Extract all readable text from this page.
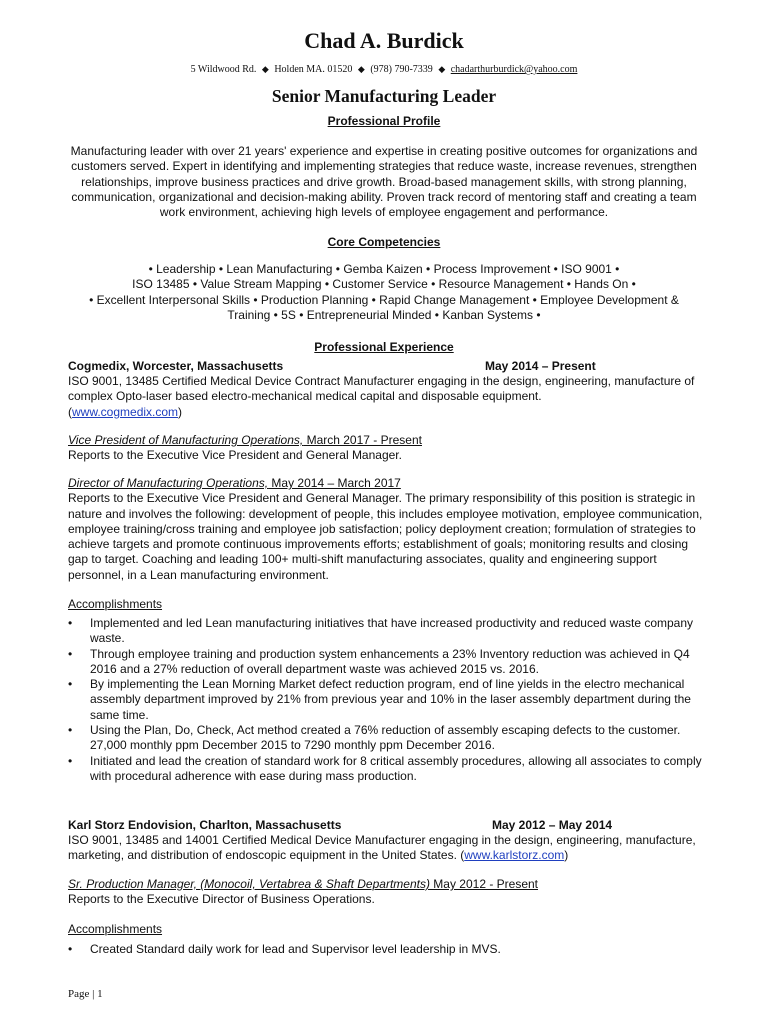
Chad A. Burdick
5 Wildwood Rd. ◆ Holden MA. 01520 ◆ (978) 790-7339 ◆ chadarthurburdick@yahoo.com
Senior Manufacturing Leader
Professional Profile
Manufacturing leader with over 21 years' experience and expertise in creating positive outcomes for organizations and customers served. Expert in identifying and implementing strategies that reduce waste, increase revenues, strengthen relationships, improve business practices and drive growth. Broad-based management skills, with strong planning, communication, organizational and decision-making ability. Proven track record of mentoring staff and creating a team work environment, achieving high levels of employee engagement and performance.
Core Competencies
• Leadership • Lean Manufacturing • Gemba Kaizen • Process Improvement • ISO 9001 •
ISO 13485 • Value Stream Mapping • Customer Service • Resource Management • Hands On •
• Excellent Interpersonal Skills • Production Planning • Rapid Change Management • Employee Development &
Training • 5S • Entrepreneurial Minded • Kanban Systems •
Professional Experience
Cogmedix, Worcester, Massachusetts	May 2014 – Present
ISO 9001, 13485 Certified Medical Device Contract Manufacturer engaging in the design, engineering, manufacture of complex Opto-laser based electro-mechanical medical capital and disposable equipment.
(www.cogmedix.com)
Vice President of Manufacturing Operations, March 2017 - Present
Reports to the Executive Vice President and General Manager.
Director of Manufacturing Operations, May 2014 – March 2017
Reports to the Executive Vice President and General Manager. The primary responsibility of this position is strategic in nature and involves the following: development of people, this includes employee motivation, employee communication, employee training/cross training and employee job satisfaction; policy deployment creation; formulation of strategies to achieve targets and promote continuous improvements efforts; establishment of goals; monitoring results and closing gap to target. Coaching and leading 100+ multi-shift manufacturing associates, quality and engineering support personnel, in a Lean manufacturing environment.
Accomplishments
• Implemented and led Lean manufacturing initiatives that have increased productivity and reduced waste company waste.
• Through employee training and production system enhancements a 23% Inventory reduction was achieved in Q4 2016 and a 27% reduction of overall department waste was achieved 2015 vs. 2016.
• By implementing the Lean Morning Market defect reduction program, end of line yields in the electro mechanical assembly department improved by 21% from previous year and 10% in the laser assembly department during the same time.
• Using the Plan, Do, Check, Act method created a 76% reduction of assembly escaping defects to the customer. 27,000 monthly ppm December 2015 to 7290 monthly ppm December 2016.
• Initiated and lead the creation of standard work for 8 critical assembly procedures, allowing all associates to comply with procedural adherence with ease during mass production.
Karl Storz Endovision, Charlton, Massachusetts	May 2012 – May 2014
ISO 9001, 13485 and 14001 Certified Medical Device Manufacturer engaging in the design, engineering, manufacture, marketing, and distribution of endoscopic equipment in the United States. (www.karlstorz.com)
Sr. Production Manager, (Monocoil, Vertabrea & Shaft Departments) May 2012 - Present
Reports to the Executive Director of Business Operations.
Accomplishments
• Created Standard daily work for lead and Supervisor level leadership in MVS.
Page | 1
